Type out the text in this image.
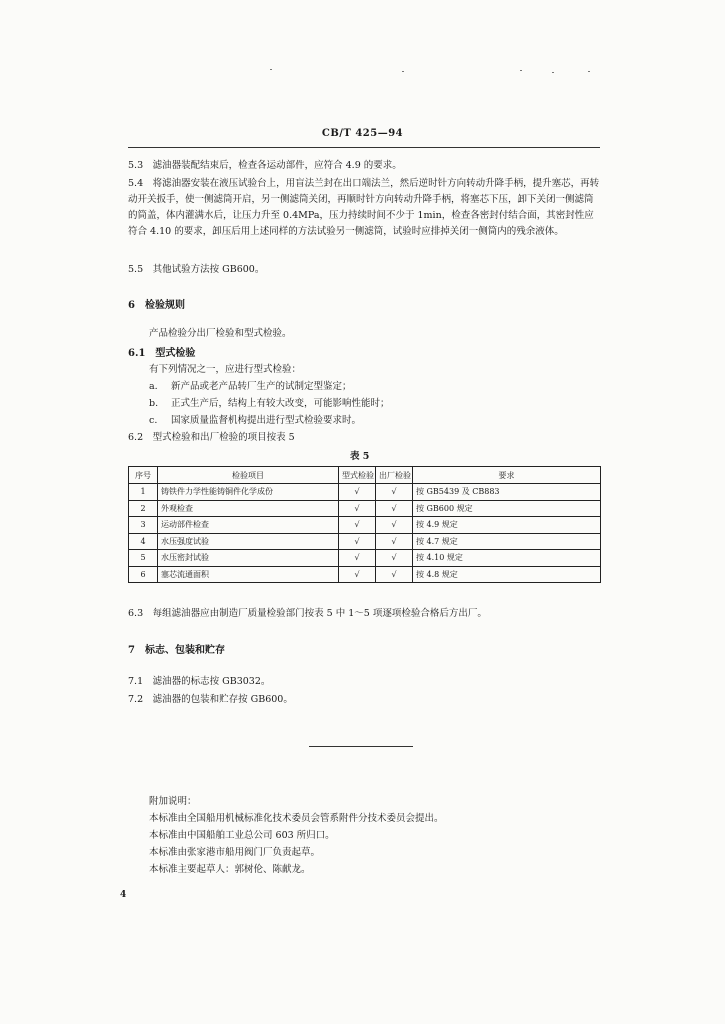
CB/T 425—94
5.3　滤油器装配结束后，检查各运动部件，应符合 4.9 的要求。
5.4　将滤油器安装在液压试验台上，用盲法兰封在出口端法兰，然后逆时针方向转动升降手柄，提升塞芯，再转动开关扳手，使一侧滤筒开启，另一侧滤筒关闭，再顺时针方向转动升降手柄，将塞芯下压，卸下关闭一侧滤筒的筒盖，体内灌满水后，让压力升至 0.4MPa，压力持续时间不少于 1min，检查各密封付结合面，其密封性应符合 4.10 的要求，卸压后用上述同样的方法试验另一侧滤筒，试验时应排掉关闭一侧筒内的残余液体。
5.5　其他试验方法按 GB600。
6　检验规则
产品检验分出厂检验和型式检验。
6.1　型式检验
有下列情况之一，应进行型式检验：
a. 新产品或老产品转厂生产的试制定型鉴定；
b. 正式生产后，结构上有较大改变，可能影响性能时；
c. 国家质量监督机构提出进行型式检验要求时。
6.2　型式检验和出厂检验的项目按表 5
表 5
序号	检验项目	型式检验	出厂检验	要求
1	铸铁件力学性能铸铜件化学成份	√	√	按 GB5439 及 CB883
2	外观检查	√	√	按 GB600 规定
3	运动部件检查	√	√	按 4.9 规定
4	水压强度试验	√	√	按 4.7 规定
5	水压密封试验	√	√	按 4.10 规定
6	塞芯流通面积	√	√	按 4.8 规定
6.3　每组滤油器应由制造厂质量检验部门按表 5 中 1～5 项逐项检验合格后方出厂。
7　标志、包装和贮存
7.1　滤油器的标志按 GB3032。
7.2　滤油器的包装和贮存按 GB600。
附加说明：
本标准由全国船用机械标准化技术委员会管系附件分技术委员会提出。
本标准由中国船舶工业总公司 603 所归口。
本标准由张家港市船用阀门厂负责起草。
本标准主要起草人：郭树伦、陈献龙。
4
